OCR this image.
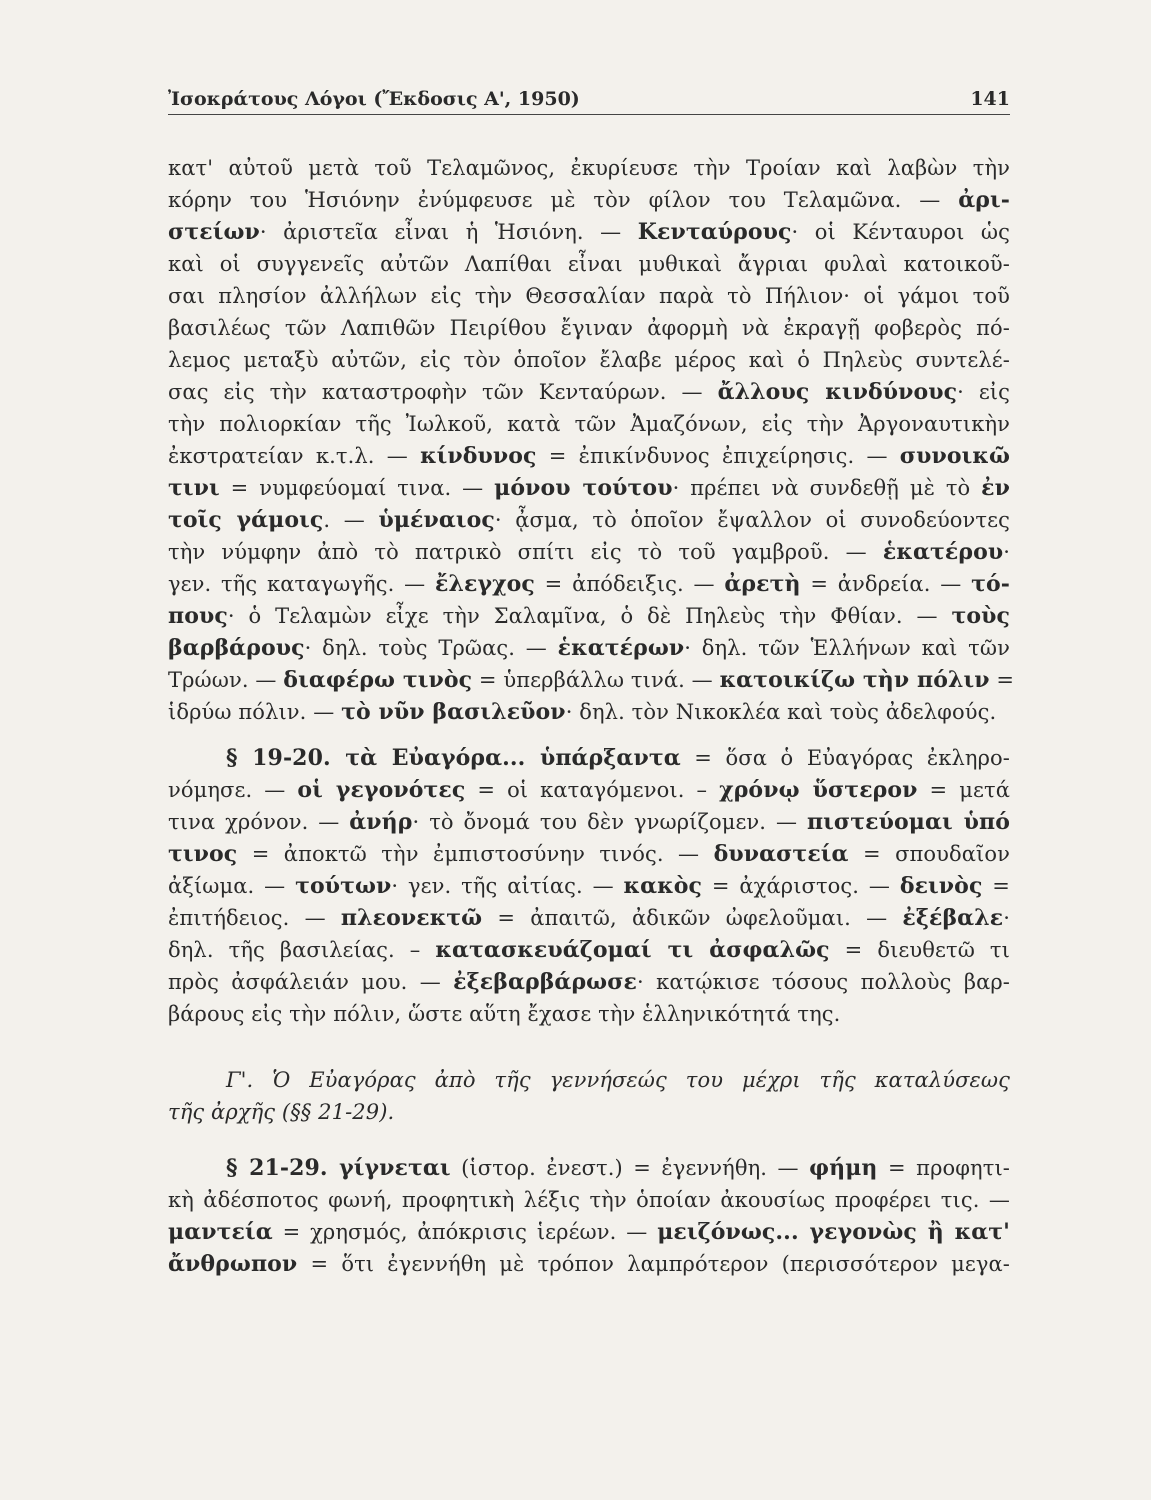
Ἰσοκράτους Λόγοι (Ἔκδοσις Α', 1950)	141
κατ' αὐτοῦ μετὰ τοῦ Τελαμῶνος, ἐκυρίευσε τὴν Τροίαν καὶ λαβὼν τὴν
κόρην του Ἡσιόνην ἐνύμφευσε μὲ τὸν φίλον του Τελαμῶνα. — ἀρι-
στείων· ἀριστεῖα εἶναι ἡ Ἡσιόνη. — Κενταύρους· οἱ Κένταυροι ὡς
καὶ οἱ συγγενεῖς αὐτῶν Λαπίθαι εἶναι μυθικαὶ ἄγριαι φυλαὶ κατοικοῦ-
σαι πλησίον ἀλλήλων εἰς τὴν Θεσσαλίαν παρὰ τὸ Πήλιον· οἱ γάμοι τοῦ
βασιλέως τῶν Λαπιθῶν Πειρίθου ἔγιναν ἀφορμὴ νὰ ἐκραγῇ φοβερὸς πό-
λεμος μεταξὺ αὐτῶν, εἰς τὸν ὁποῖον ἔλαβε μέρος καὶ ὁ Πηλεὺς συντελέ-
σας εἰς τὴν καταστροφὴν τῶν Κενταύρων. — ἄλλους κινδύνους· εἰς
τὴν πολιορκίαν τῆς Ἰωλκοῦ, κατὰ τῶν Ἀμαζόνων, εἰς τὴν Ἀργοναυτικὴν
ἐκστρατείαν κ.τ.λ. — κίνδυνος = ἐπικίνδυνος ἐπιχείρησις. — συνοικῶ
τινι = νυμφεύομαί τινα. — μόνου τούτου· πρέπει νὰ συνδεθῇ μὲ τὸ ἐν
τοῖς γάμοις. — ὑμέναιος· ᾆσμα, τὸ ὁποῖον ἔψαλλον οἱ συνοδεύοντες
τὴν νύμφην ἀπὸ τὸ πατρικὸ σπίτι εἰς τὸ τοῦ γαμβροῦ. — ἑκατέρου·
γεν. τῆς καταγωγῆς. — ἔλεγχος = ἀπόδειξις. — ἀρετὴ = ἀνδρεία. — τό-
πους· ὁ Τελαμὼν εἶχε τὴν Σαλαμῖνα, ὁ δὲ Πηλεὺς τὴν Φθίαν. — τοὺς
βαρβάρους· δηλ. τοὺς Τρῶας. — ἑκατέρων· δηλ. τῶν Ἑλλήνων καὶ τῶν
Τρώων. — διαφέρω τινὸς = ὑπερβάλλω τινά. — κατοικίζω τὴν πόλιν =
ἱδρύω πόλιν. — τὸ νῦν βασιλεῦον· δηλ. τὸν Νικοκλέα καὶ τοὺς ἀδελφούς.
§ 19-20. τὰ Εὐαγόρα... ὑπάρξαντα = ὅσα ὁ Εὐαγόρας ἐκληρο-
νόμησε. — οἱ γεγονότες = οἱ καταγόμενοι. – χρόνῳ ὕστερον = μετά
τινα χρόνον. — ἀνήρ· τὸ ὄνομά του δὲν γνωρίζομεν. — πιστεύομαι ὑπό
τινος = ἀποκτῶ τὴν ἐμπιστοσύνην τινός. — δυναστεία = σπουδαῖον
ἀξίωμα. — τούτων· γεν. τῆς αἰτίας. — κακὸς = ἀχάριστος. — δεινὸς =
ἐπιτήδειος. — πλεονεκτῶ = ἀπαιτῶ, ἀδικῶν ὠφελοῦμαι. — ἐξέβαλε·
δηλ. τῆς βασιλείας. – κατασκευάζομαί τι ἀσφαλῶς = διευθετῶ τι
πρὸς ἀσφάλειάν μου. — ἐξεβαρβάρωσε· κατῴκισε τόσους πολλοὺς βαρ-
βάρους εἰς τὴν πόλιν, ὥστε αὕτη ἔχασε τὴν ἑλληνικότητά της.
Γ'. Ὁ Εὐαγόρας ἀπὸ τῆς γεννήσεώς του μέχρι τῆς καταλύσεως
τῆς ἀρχῆς (§§ 21-29).
§ 21-29. γίγνεται (ἱστορ. ἐνεστ.) = ἐγεννήθη. — φήμη = προφητι-
κὴ ἀδέσποτος φωνή, προφητικὴ λέξις τὴν ὁποίαν ἀκουσίως προφέρει τις. —
μαντεία = χρησμός, ἀπόκρισις ἱερέων. — μειζόνως... γεγονὼς ἢ κατ'
ἄνθρωπον = ὅτι ἐγεννήθη μὲ τρόπον λαμπρότερον (περισσότερον μεγα-
